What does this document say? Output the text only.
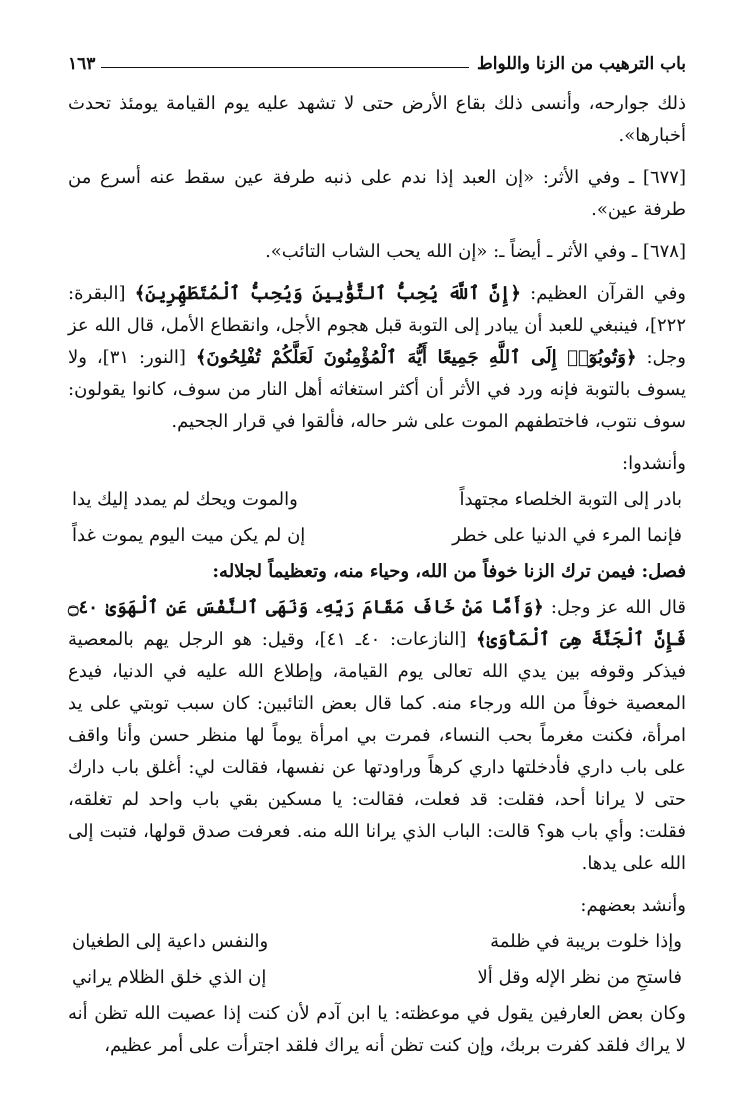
باب الترهيب من الزنا واللواط
١٦٣

ذلك جوارحه، وأنسى ذلك بقاع الأرض حتى لا تشهد عليه يوم القيامة يومئذ تحدث أخبارها».

[٦٧٧] ـ وفي الأثر: «إن العبد إذا ندم على ذنبه طرفة عين سقط عنه أسرع من طرفة عين».

[٦٧٨] ـ وفي الأثر ـ أيضاً ـ: «إن الله يحب الشاب التائب».

وفي القرآن العظيم: ﴿إِنَّ ٱللَّهَ يُحِبُّ ٱلتَّوَّٰبِينَ وَيُحِبُّ ٱلْمُتَطَهِّرِينَ﴾ [البقرة: ٢٢٢]، فينبغي للعبد أن يبادر إلى التوبة قبل هجوم الأجل، وانقطاع الأمل، قال الله عز وجل: ﴿وَتُوبُوٓا۟ إِلَى ٱللَّهِ جَمِيعًا أَيُّهَ ٱلْمُؤْمِنُونَ لَعَلَّكُمْ تُفْلِحُونَ﴾ [النور: ٣١]، ولا يسوف بالتوبة فإنه ورد في الأثر أن أكثر استغاثه أهل النار من سوف، كانوا يقولون: سوف نتوب، فاختطفهم الموت على شر حاله، فألقوا في قرار الجحيم.

وأنشدوا:

بادر إلى التوبة الخلصاء مجتهداً
والموت ويحك لم يمدد إليك يدا
فإنما المرء في الدنيا على خطر
إن لم يكن ميت اليوم يموت غداً

فصل: فيمن ترك الزنا خوفاً من الله، وحياء منه، وتعظيماً لجلاله:

قال الله عز وجل: ﴿وَأَمَّا مَنْ خَافَ مَقَامَ رَبِّهِۦ وَنَهَى ٱلنَّفْسَ عَنِ ٱلْهَوَىٰ ۝٤٠ فَإِنَّ ٱلْجَنَّةَ هِىَ ٱلْمَأْوَىٰ﴾ [النازعات: ٤٠ـ ٤١]، وقيل: هو الرجل يهم بالمعصية فيذكر وقوفه بين يدي الله تعالى يوم القيامة، وإطلاع الله عليه في الدنيا، فيدع المعصية خوفاً من الله ورجاء منه. كما قال بعض التائبين: كان سبب توبتي على يد امرأة، فكنت مغرماً بحب النساء، فمرت بي امرأة يوماً لها منظر حسن وأنا واقف على باب داري فأدخلتها داري كرهاً وراودتها عن نفسها، فقالت لي: أغلق باب دارك حتى لا يرانا أحد، فقلت: قد فعلت، فقالت: يا مسكين بقي باب واحد لم تغلقه، فقلت: وأي باب هو؟ قالت: الباب الذي يرانا الله منه. فعرفت صدق قولها، فتبت إلى الله على يدها.

وأنشد بعضهم:

وإذا خلوت بريبة في ظلمة
والنفس داعية إلى الطغيان
فاستحِ من نظر الإله وقل ألا
إن الذي خلق الظلام يراني

وكان بعض العارفين يقول في موعظته: يا ابن آدم لأن كنت إذا عصيت الله تظن أنه لا يراك فلقد كفرت بربك، وإن كنت تظن أنه يراك فلقد اجترأت على أمر عظيم،
